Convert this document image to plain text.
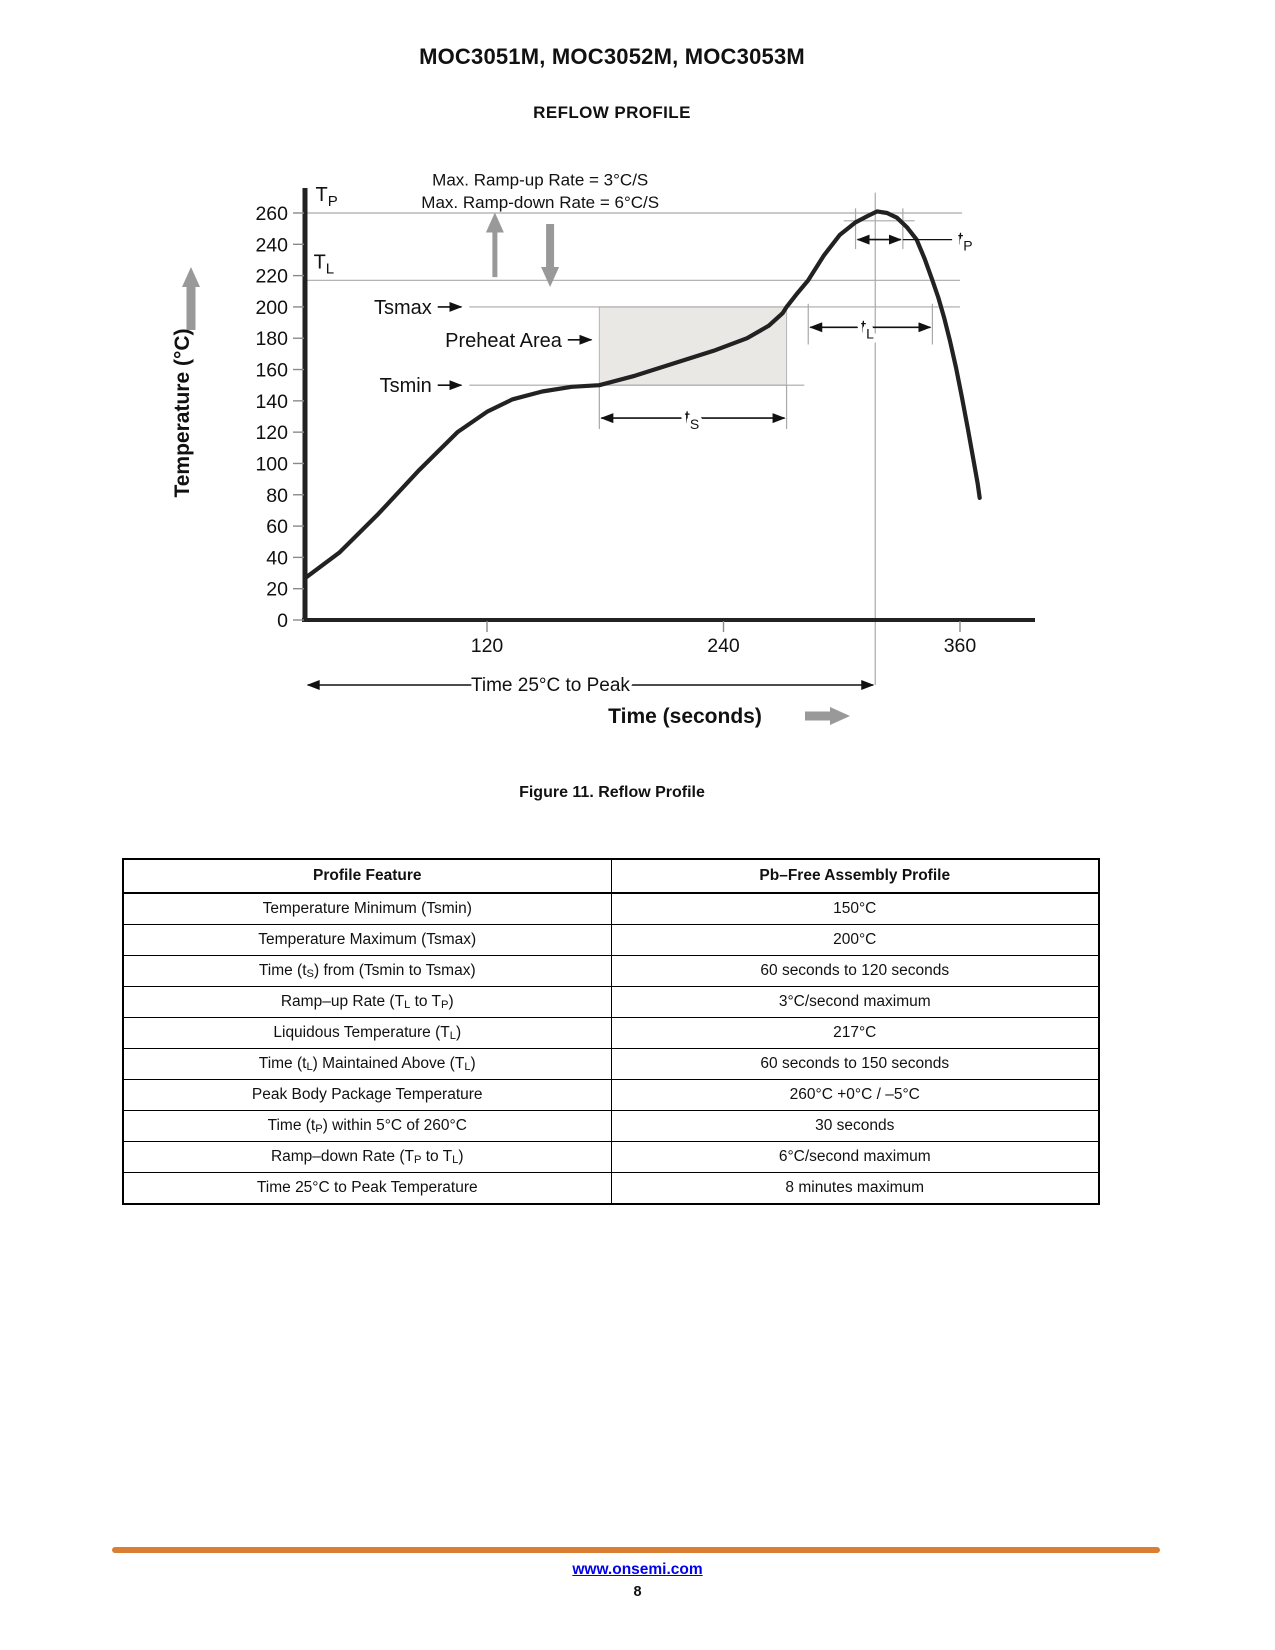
MOC3051M, MOC3052M, MOC3053M
REFLOW PROFILE
120	240	360
0
20
40
60
80
100
120
140
160
180
200
220
240
260
Max. Ramp-up Rate = 3°C/S
Max. Ramp-down Rate = 6°C/S
$t_S$
$t_L$
$t_P$
$T_P$
$T_L$
Tsmax
Preheat Area
Tsmin
Time 25°C to Peak
Temperature (°C)
Time (seconds)
Figure 11. Reflow Profile
Profile Feature	Pb–Free Assembly Profile
Temperature Minimum (Tsmin)	150°C
Temperature Maximum (Tsmax)	200°C
Time $(t_S)$ from (Tsmin to Tsmax)	60 seconds to 120 seconds
Ramp–up Rate ($T_L$ to $T_P$)	3°C/second maximum
Liquidous Temperature $(T_L)$	217°C
Time $(t_L)$ Maintained Above $(T_L)$	60 seconds to 150 seconds
Peak Body Package Temperature	260°C +0°C / –5°C
Time $(t_P)$ within 5°C of 260°C	30 seconds
Ramp–down Rate ($T_P$ to $T_L$)	6°C/second maximum
Time 25°C to Peak Temperature	8 minutes maximum
www.onsemi.com
8
